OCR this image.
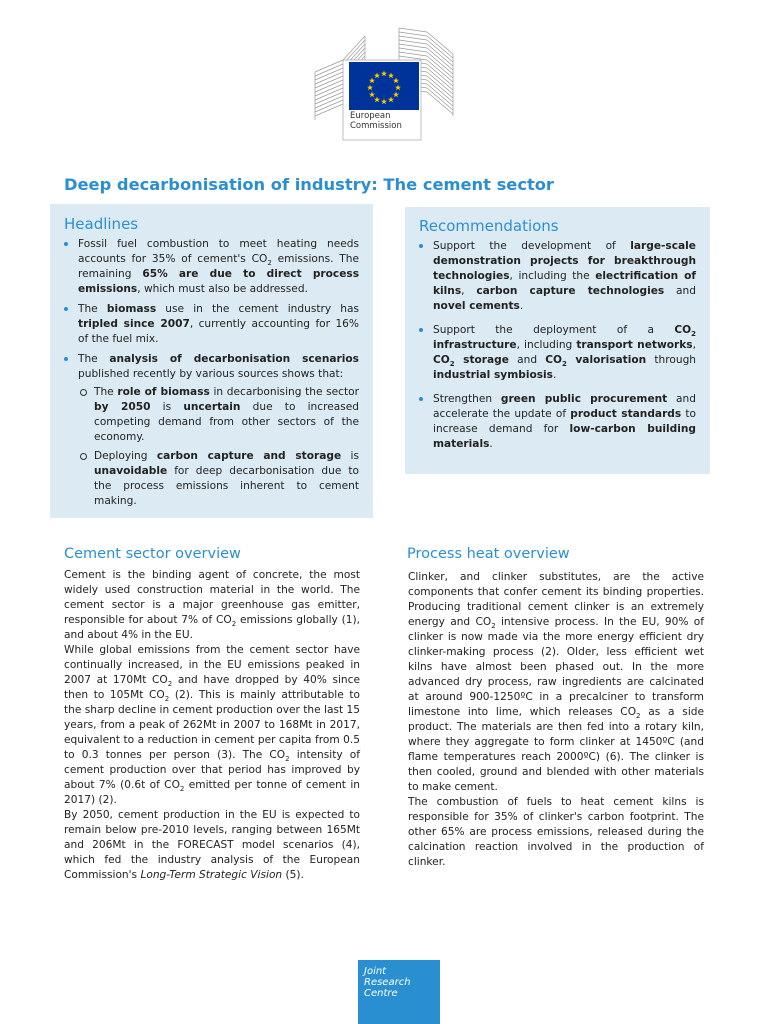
European
Commission
Deep decarbonisation of industry: The cement sector
Headlines

Fossil fuel combustion to meet heating needs accounts for 35% of cement's $CO_2$ emissions. The remaining 65% are due to direct process emissions, which must also be addressed.

The biomass use in the cement industry has tripled since 2007, currently accounting for 16% of the fuel mix.

The analysis of decarbonisation scenarios published recently by various sources shows that:

The role of biomass in decarbonising the sector by 2050 is uncertain due to increased competing demand from other sectors of the economy.

Deploying carbon capture and storage is unavoidable for deep decarbonisation due to the process emissions inherent to cement making.

Recommendations

Support the development of large-scale demonstration projects for breakthrough technologies, including the electrification of kilns, carbon capture technologies and novel cements.

Support the deployment of a $CO_2$ infrastructure, including transport networks, $CO_2$ storage and $CO_2$ valorisation through industrial symbiosis.

Strengthen green public procurement and accelerate the update of product standards to increase demand for low-carbon building materials.

Cement sector overview

Cement is the binding agent of concrete, the most widely used construction material in the world. The cement sector is a major greenhouse gas emitter, responsible for about 7% of $CO_2$ emissions globally (1), and about 4% in the EU.

While global emissions from the cement sector have continually increased, in the EU emissions peaked in 2007 at 170Mt $CO_2$ and have dropped by 40% since then to 105Mt $CO_2$ (2). This is mainly attributable to the sharp decline in cement production over the last 15 years, from a peak of 262Mt in 2007 to 168Mt in 2017, equivalent to a reduction in cement per capita from 0.5 to 0.3 tonnes per person (3). The $CO_2$ intensity of cement production over that period has improved by about 7% (0.6t of $CO_2$ emitted per tonne of cement in 2017) (2).

By 2050, cement production in the EU is expected to remain below pre-2010 levels, ranging between 165Mt and 206Mt in the FORECAST model scenarios (4), which fed the industry analysis of the European Commission's Long-Term Strategic Vision (5).

Process heat overview

Clinker, and clinker substitutes, are the active components that confer cement its binding properties. Producing traditional cement clinker is an extremely energy and $CO_2$ intensive process. In the EU, 90% of clinker is now made via the more energy efficient dry clinker-making process (2). Older, less efficient wet kilns have almost been phased out. In the more advanced dry process, raw ingredients are calcinated at around 900-1250ºC in a precalciner to transform limestone into lime, which releases $CO_2$ as a side product. The materials are then fed into a rotary kiln, where they aggregate to form clinker at 1450ºC (and flame temperatures reach 2000ºC) (6). The clinker is then cooled, ground and blended with other materials to make cement.

The combustion of fuels to heat cement kilns is responsible for 35% of clinker's carbon footprint. The other 65% are process emissions, released during the calcination reaction involved in the production of clinker.

Joint
Research
Centre
